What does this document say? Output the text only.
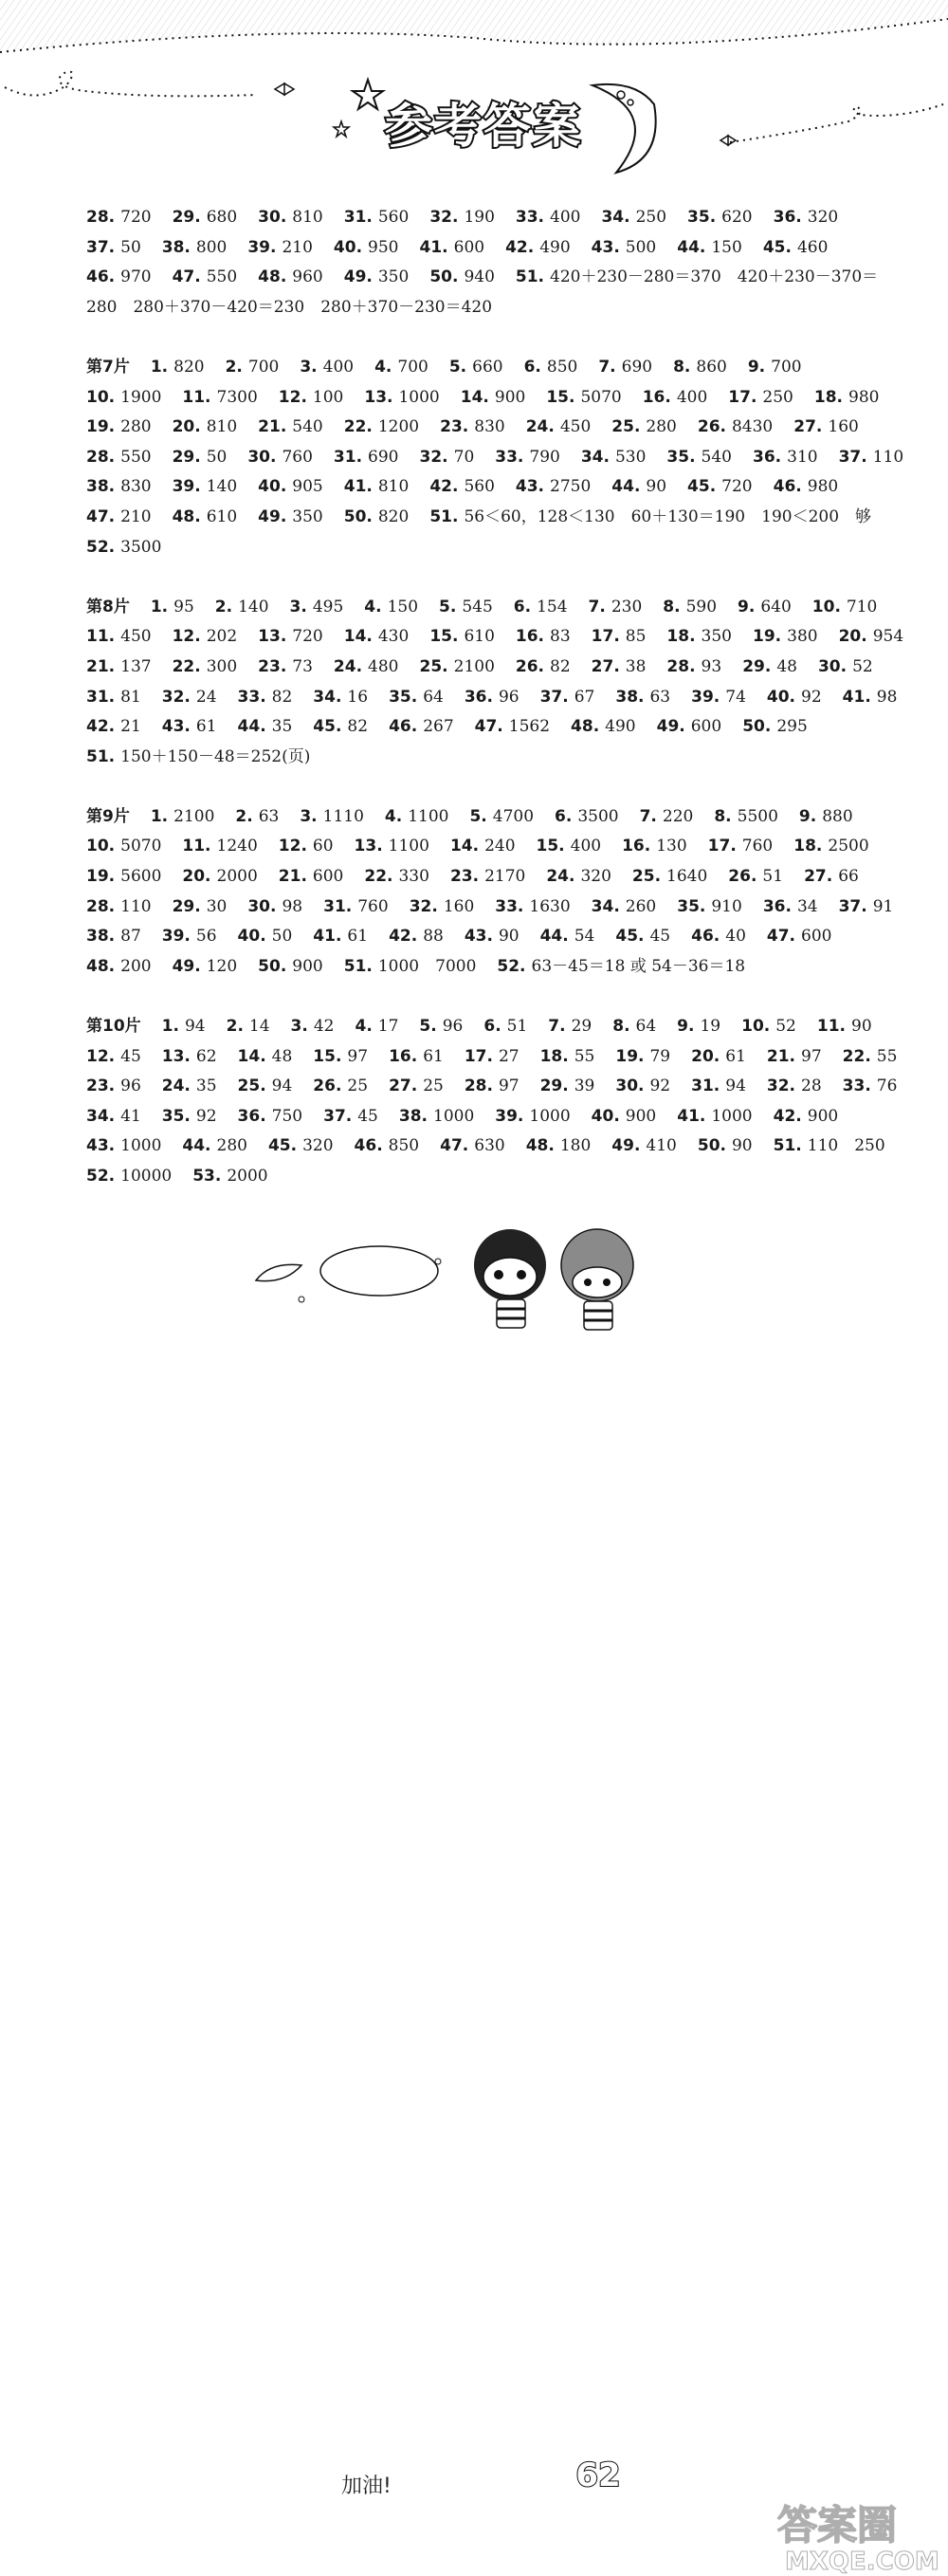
参考答案
28. 720 29. 680 30. 810 31. 560 32. 190 33. 400 34. 250 35. 620 36. 320
37. 50 38. 800 39. 210 40. 950 41. 600 42. 490 43. 500 44. 150 45. 460
46. 970 47. 550 48. 960 49. 350 50. 940 51. 420＋230－280＝370　420＋230－370＝
280　280＋370－420＝230　280＋370－230＝420
第7片 1. 820 2. 700 3. 400 4. 700 5. 660 6. 850 7. 690 8. 860 9. 700
10. 1900 11. 7300 12. 100 13. 1000 14. 900 15. 5070 16. 400 17. 250 18. 980
19. 280 20. 810 21. 540 22. 1200 23. 830 24. 450 25. 280 26. 8430 27. 160
28. 550 29. 50 30. 760 31. 690 32. 70 33. 790 34. 530 35. 540 36. 310 37. 110
38. 830 39. 140 40. 905 41. 810 42. 560 43. 2750 44. 90 45. 720 46. 980
47. 210 48. 610 49. 350 50. 820 51. 56＜60，128＜130　60＋130＝190　190＜200　够
52. 3500
第8片 1. 95 2. 140 3. 495 4. 150 5. 545 6. 154 7. 230 8. 590 9. 640 10. 710
11. 450 12. 202 13. 720 14. 430 15. 610 16. 83 17. 85 18. 350 19. 380 20. 954
21. 137 22. 300 23. 73 24. 480 25. 2100 26. 82 27. 38 28. 93 29. 48 30. 52
31. 81 32. 24 33. 82 34. 16 35. 64 36. 96 37. 67 38. 63 39. 74 40. 92 41. 98
42. 21 43. 61 44. 35 45. 82 46. 267 47. 1562 48. 490 49. 600 50. 295
51. 150＋150－48＝252(页)
第9片 1. 2100 2. 63 3. 1110 4. 1100 5. 4700 6. 3500 7. 220 8. 5500 9. 880
10. 5070 11. 1240 12. 60 13. 1100 14. 240 15. 400 16. 130 17. 760 18. 2500
19. 5600 20. 2000 21. 600 22. 330 23. 2170 24. 320 25. 1640 26. 51 27. 66
28. 110 29. 30 30. 98 31. 760 32. 160 33. 1630 34. 260 35. 910 36. 34 37. 91
38. 87 39. 56 40. 50 41. 61 42. 88 43. 90 44. 54 45. 45 46. 40 47. 600
48. 200 49. 120 50. 900 51. 1000　7000 52. 63－45＝18 或 54－36＝18
第10片 1. 94 2. 14 3. 42 4. 17 5. 96 6. 51 7. 29 8. 64 9. 19 10. 52 11. 90
12. 45 13. 62 14. 48 15. 97 16. 61 17. 27 18. 55 19. 79 20. 61 21. 97 22. 55
23. 96 24. 35 25. 94 26. 25 27. 25 28. 97 29. 39 30. 92 31. 94 32. 28 33. 76
34. 41 35. 92 36. 750 37. 45 38. 1000 39. 1000 40. 900 41. 1000 42. 900
43. 1000 44. 280 45. 320 46. 850 47. 630 48. 180 49. 410 50. 90 51. 110　250
52. 10000 53. 2000
加油!	62
答案圈
MXQE.COM
